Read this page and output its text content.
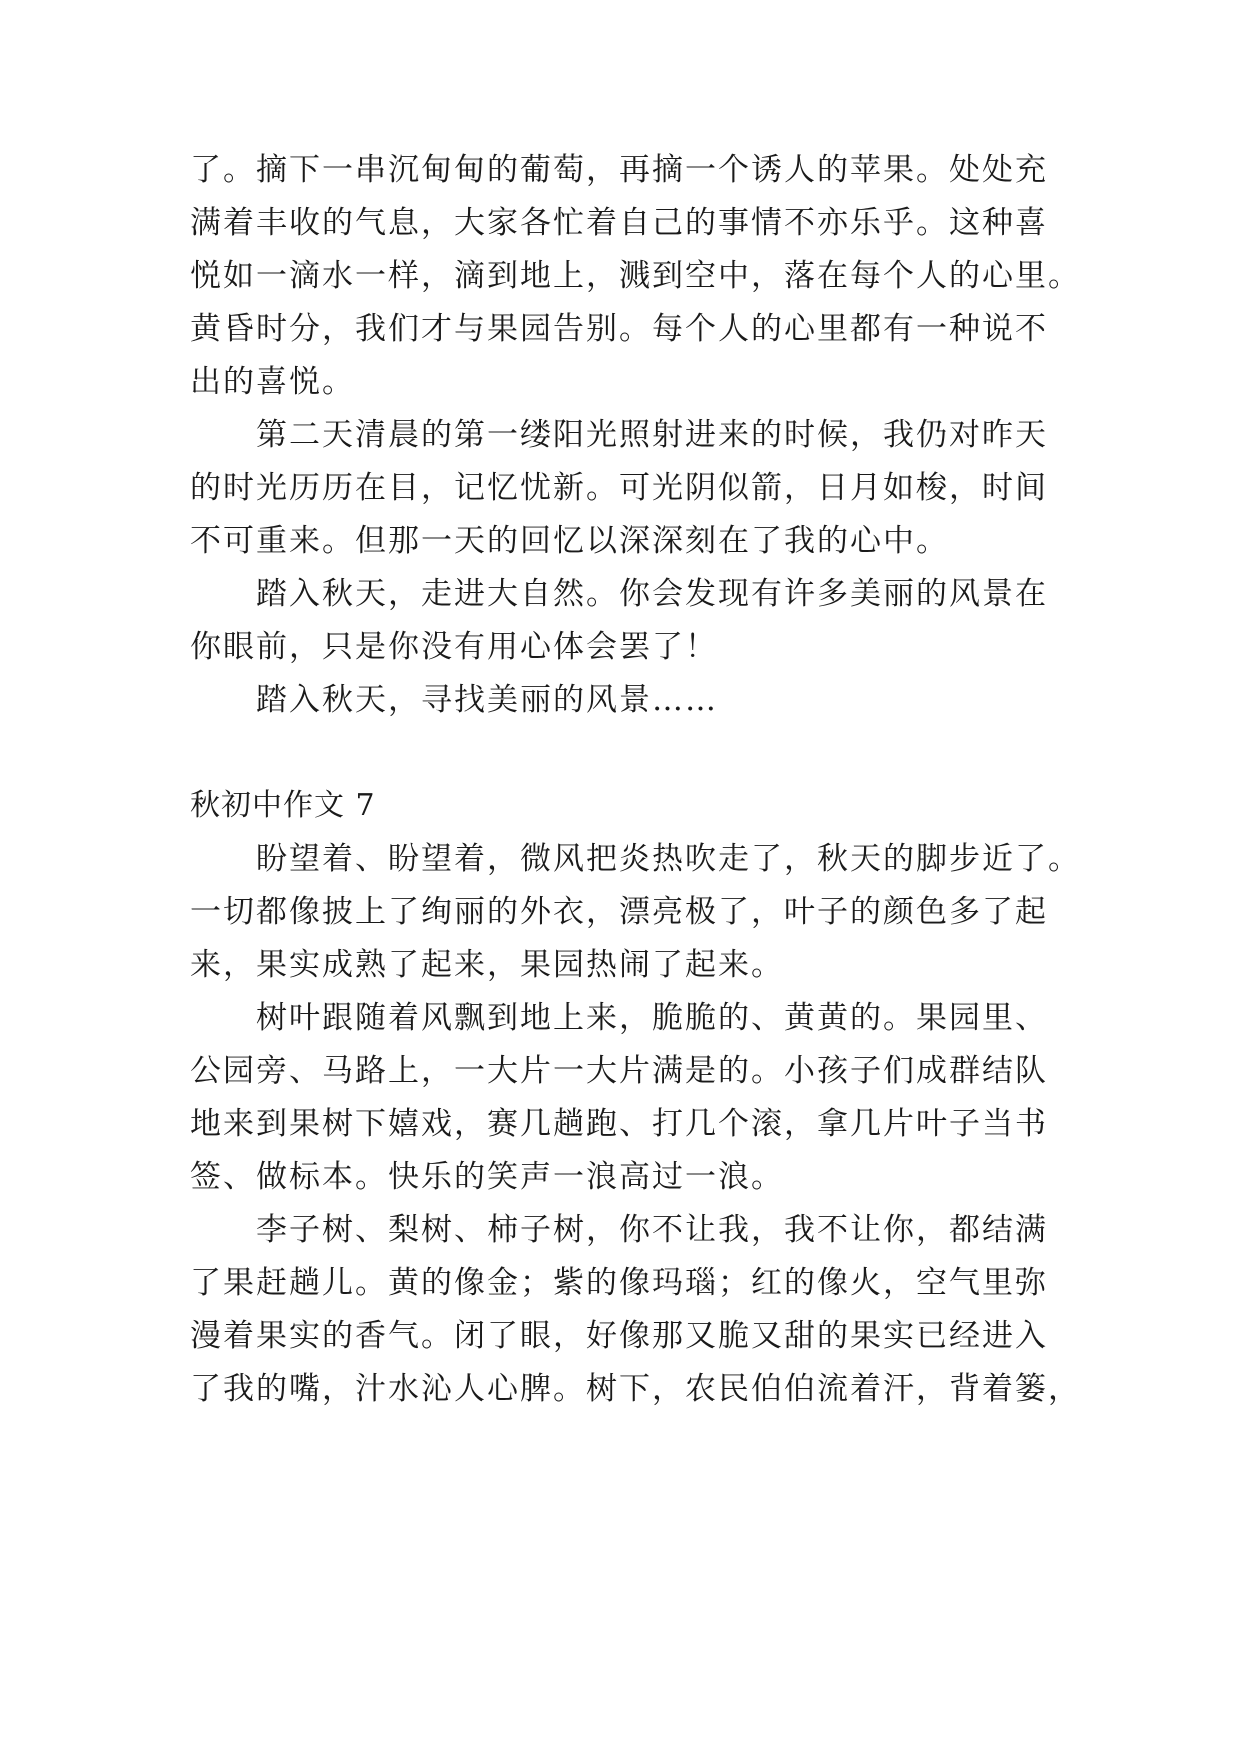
了。摘下一串沉甸甸的葡萄，再摘一个诱人的苹果。处处充
满着丰收的气息，大家各忙着自己的事情不亦乐乎。这种喜
悦如一滴水一样，滴到地上，溅到空中，落在每个人的心里。
黄昏时分，我们才与果园告别。每个人的心里都有一种说不
出的喜悦。
第二天清晨的第一缕阳光照射进来的时候，我仍对昨天
的时光历历在目，记忆忧新。可光阴似箭，日月如梭，时间
不可重来。但那一天的回忆以深深刻在了我的心中。
踏入秋天，走进大自然。你会发现有许多美丽的风景在
你眼前，只是你没有用心体会罢了！
踏入秋天，寻找美丽的风景……
秋初中作文 7
盼望着、盼望着，微风把炎热吹走了，秋天的脚步近了。
一切都像披上了绚丽的外衣，漂亮极了，叶子的颜色多了起
来，果实成熟了起来，果园热闹了起来。
树叶跟随着风飘到地上来，脆脆的、黄黄的。果园里、
公园旁、马路上，一大片一大片满是的。小孩子们成群结队
地来到果树下嬉戏，赛几趟跑、打几个滚，拿几片叶子当书
签、做标本。快乐的笑声一浪高过一浪。
李子树、梨树、柿子树，你不让我，我不让你，都结满
了果赶趟儿。黄的像金；紫的像玛瑙；红的像火，空气里弥
漫着果实的香气。闭了眼，好像那又脆又甜的果实已经进入
了我的嘴，汁水沁人心脾。树下，农民伯伯流着汗，背着篓，
